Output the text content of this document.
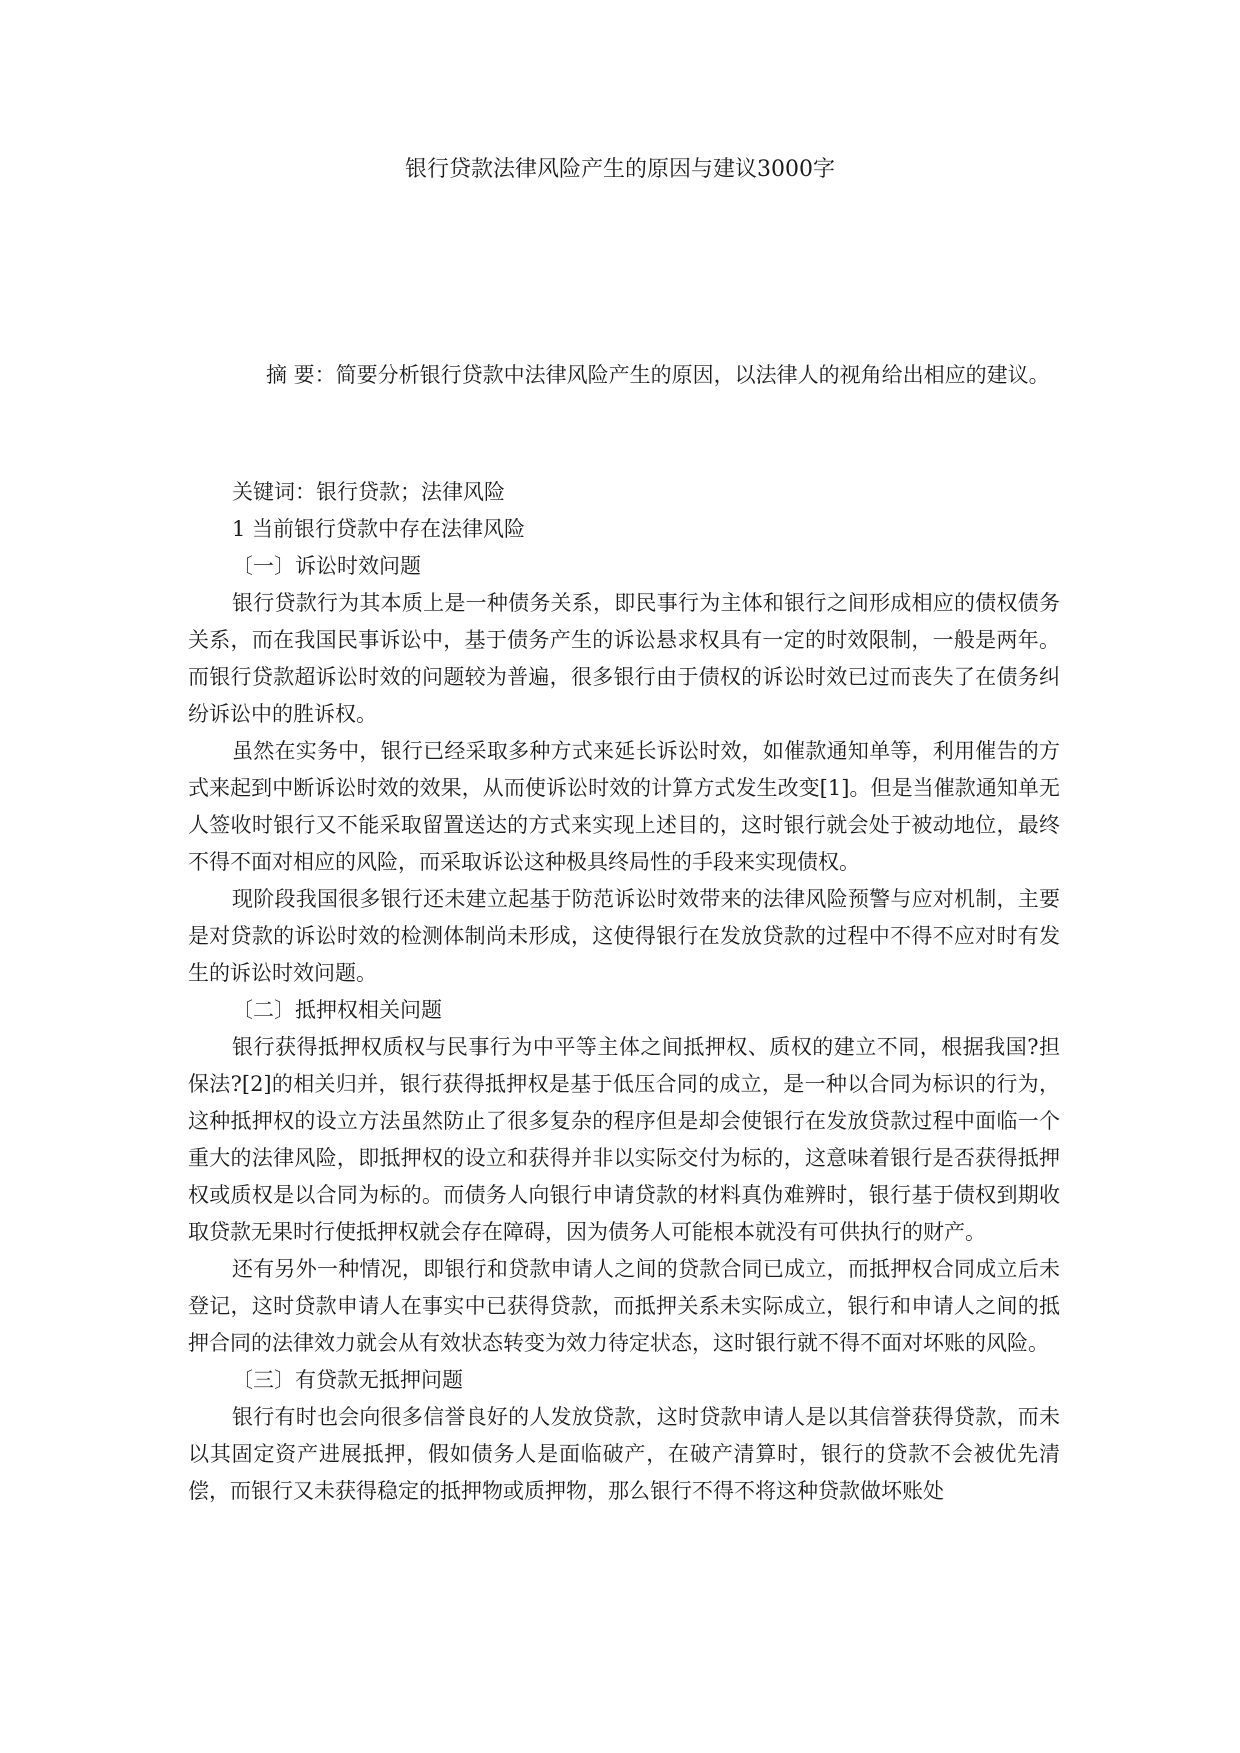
银行贷款法律风险产生的原因与建议3000字
摘 要：简要分析银行贷款中法律风险产生的原因，以法律人的视角给出相应的建议。
关键词：银行贷款；法律风险

1 当前银行贷款中存在法律风险

〔一〕诉讼时效问题

银行贷款行为其本质上是一种债务关系，即民事行为主体和银行之间形成相应的债权债务关系，而在我国民事诉讼中，基于债务产生的诉讼悬求权具有一定的时效限制，一般是两年。而银行贷款超诉讼时效的问题较为普遍，很多银行由于债权的诉讼时效已过而丧失了在债务纠纷诉讼中的胜诉权。

虽然在实务中，银行已经采取多种方式来延长诉讼时效，如催款通知单等，利用催告的方式来起到中断诉讼时效的效果，从而使诉讼时效的计算方式发生改变[1]。但是当催款通知单无人签收时银行又不能采取留置送达的方式来实现上述目的，这时银行就会处于被动地位，最终不得不面对相应的风险，而采取诉讼这种极具终局性的手段来实现债权。

现阶段我国很多银行还未建立起基于防范诉讼时效带来的法律风险预警与应对机制，主要是对贷款的诉讼时效的检测体制尚未形成，这使得银行在发放贷款的过程中不得不应对时有发生的诉讼时效问题。

〔二〕抵押权相关问题

银行获得抵押权质权与民事行为中平等主体之间抵押权、质权的建立不同，根据我国?担保法?[2]的相关归并，银行获得抵押权是基于低压合同的成立，是一种以合同为标识的行为，这种抵押权的设立方法虽然防止了很多复杂的程序但是却会使银行在发放贷款过程中面临一个重大的法律风险，即抵押权的设立和获得并非以实际交付为标的，这意味着银行是否获得抵押权或质权是以合同为标的。而债务人向银行申请贷款的材料真伪难辨时，银行基于债权到期收取贷款无果时行使抵押权就会存在障碍，因为债务人可能根本就没有可供执行的财产。

还有另外一种情况，即银行和贷款申请人之间的贷款合同已成立，而抵押权合同成立后未登记，这时贷款申请人在事实中已获得贷款，而抵押关系未实际成立，银行和申请人之间的抵押合同的法律效力就会从有效状态转变为效力待定状态，这时银行就不得不面对坏账的风险。

〔三〕有贷款无抵押问题

银行有时也会向很多信誉良好的人发放贷款，这时贷款申请人是以其信誉获得贷款，而未以其固定资产进展抵押，假如债务人是面临破产，在破产清算时，银行的贷款不会被优先清偿，而银行又未获得稳定的抵押物或质押物，那么银行不得不将这种贷款做坏账处
